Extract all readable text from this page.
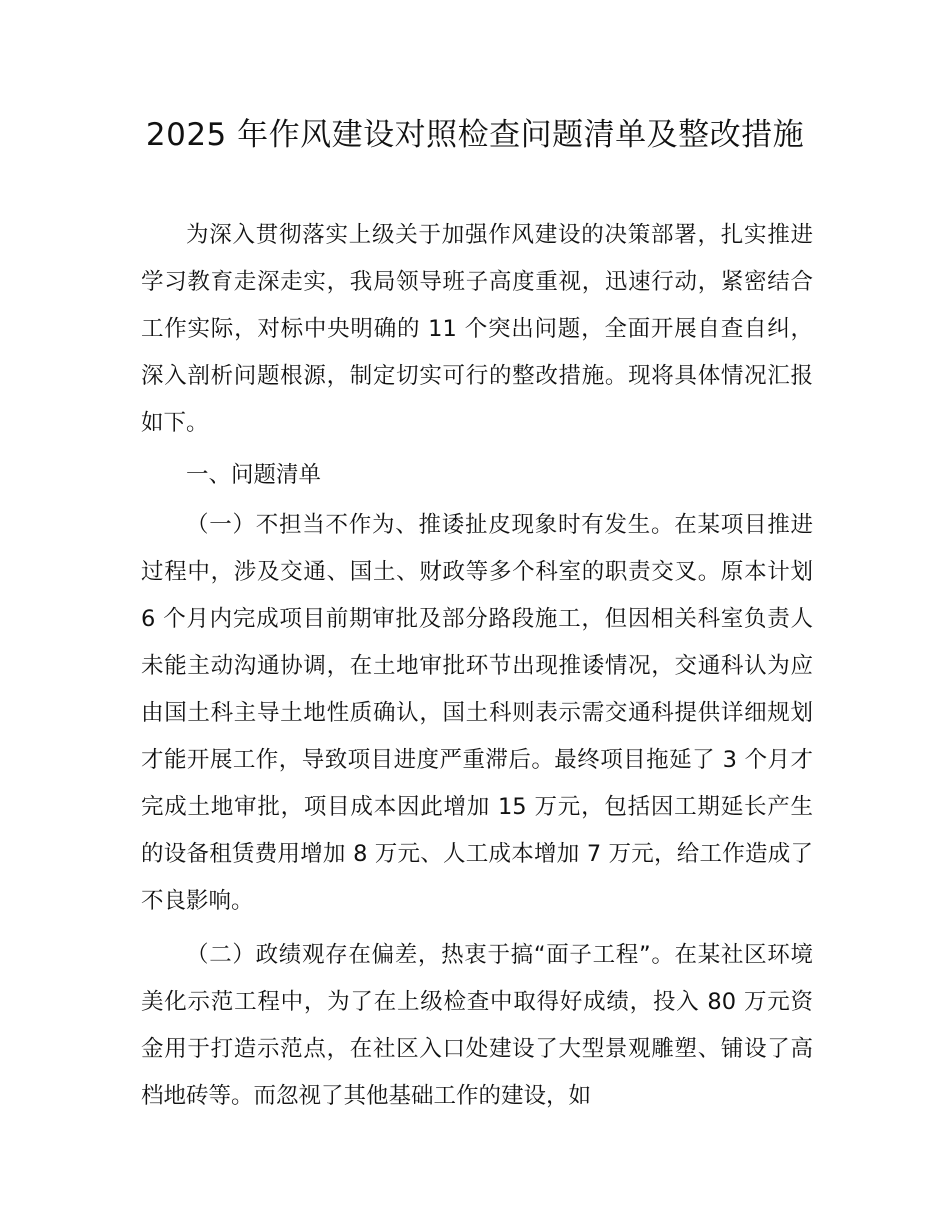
2025 年作风建设对照检查问题清单及整改措施

为深入贯彻落实上级关于加强作风建设的决策部署，扎实推进学习教育走深走实，我局领导班子高度重视，迅速行动，紧密结合工作实际，对标中央明确的 11 个突出问题，全面开展自查自纠，深入剖析问题根源，制定切实可行的整改措施。现将具体情况汇报如下。

一、问题清单

（一）不担当不作为、推诿扯皮现象时有发生。在某项目推进过程中，涉及交通、国土、财政等多个科室的职责交叉。原本计划 6 个月内完成项目前期审批及部分路段施工，但因相关科室负责人未能主动沟通协调，在土地审批环节出现推诿情况，交通科认为应由国土科主导土地性质确认，国土科则表示需交通科提供详细规划才能开展工作，导致项目进度严重滞后。最终项目拖延了 3 个月才完成土地审批，项目成本因此增加 15 万元，包括因工期延长产生的设备租赁费用增加 8 万元、人工成本增加 7 万元，给工作造成了不良影响。

（二）政绩观存在偏差，热衷于搞“面子工程”。在某社区环境美化示范工程中，为了在上级检查中取得好成绩，投入 80 万元资金用于打造示范点，在社区入口处建设了大型景观雕塑、铺设了高档地砖等。而忽视了其他基础工作的建设，如
